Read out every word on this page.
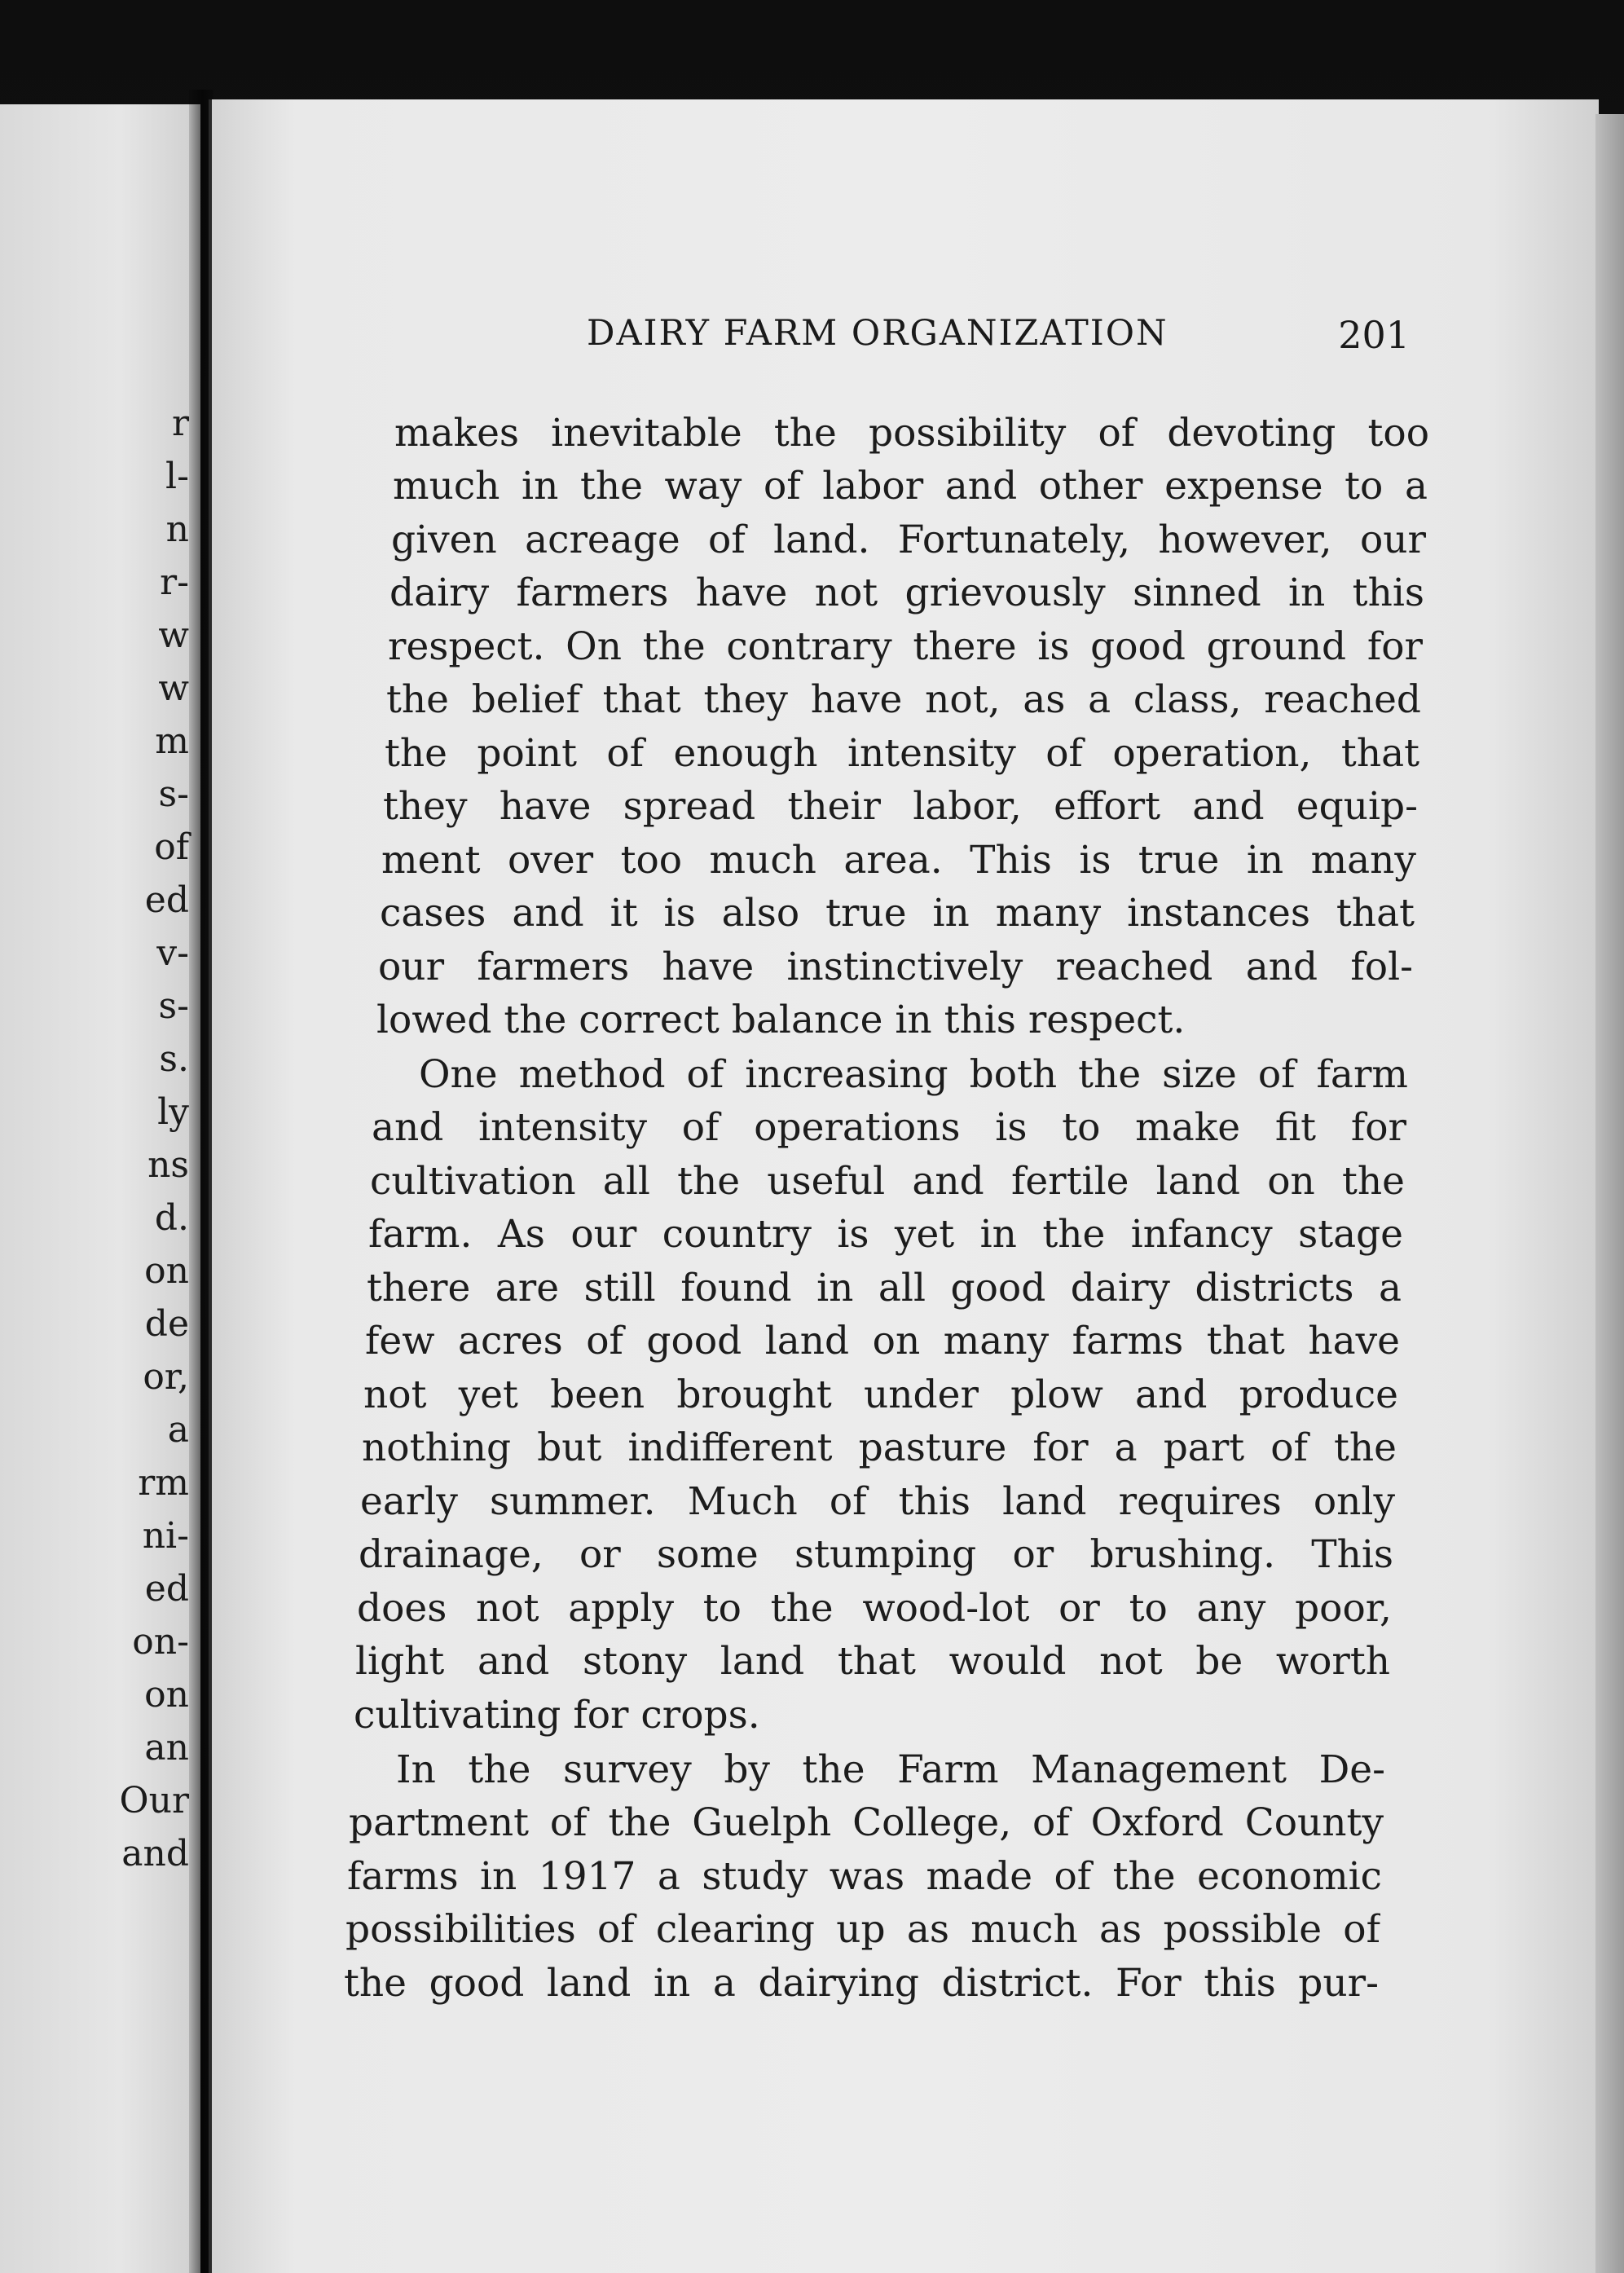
r
l-
n
r-
w
w
m
s-
of
ed
v-
s-
s.
ly
ns
d.
on
de
or,
a
rm
ni-
ed
on-
on
an
Our
and
DAIRY FARM ORGANIZATION	201
makes inevitable the possibility of devoting too
much in the way of labor and other expense to a
given acreage of land. Fortunately, however, our
dairy farmers have not grievously sinned in this
respect. On the contrary there is good ground for
the belief that they have not, as a class, reached
the point of enough intensity of operation, that
they have spread their labor, effort and equip-
ment over too much area. This is true in many
cases and it is also true in many instances that
our farmers have instinctively reached and fol-
lowed the correct balance in this respect.
One method of increasing both the size of farm
and intensity of operations is to make fit for
cultivation all the useful and fertile land on the
farm. As our country is yet in the infancy stage
there are still found in all good dairy districts a
few acres of good land on many farms that have
not yet been brought under plow and produce
nothing but indifferent pasture for a part of the
early summer. Much of this land requires only
drainage, or some stumping or brushing. This
does not apply to the wood-lot or to any poor,
light and stony land that would not be worth
cultivating for crops.
In the survey by the Farm Management De-
partment of the Guelph College, of Oxford County
farms in 1917 a study was made of the economic
possibilities of clearing up as much as possible of
the good land in a dairying district. For this pur-
